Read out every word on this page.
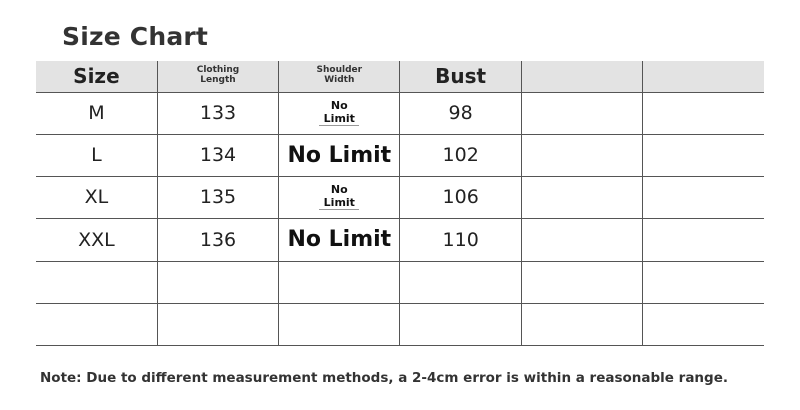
Size Chart
Size	Clothing Length	Shoulder Width	Bust		
M	133	No Limit	98		
L	134	No Limit	102		
XL	135	No Limit	106		
XXL	136	No Limit	110		

Note: Due to different measurement methods, a 2-4cm error is within a reasonable range.
